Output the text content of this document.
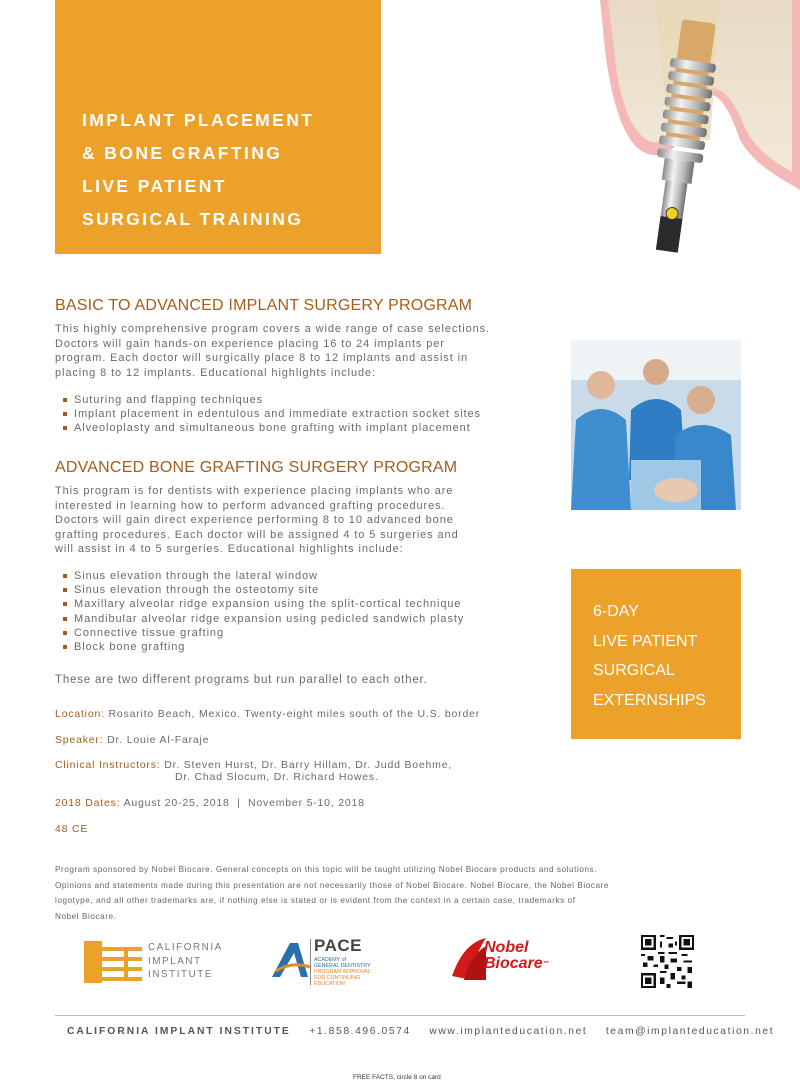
IMPLANT PLACEMENT
& BONE GRAFTING
LIVE PATIENT
SURGICAL TRAINING
BASIC TO ADVANCED IMPLANT SURGERY PROGRAM

This highly comprehensive program covers a wide range of case selections.

Doctors will gain hands-on experience placing 16 to 24 implants per

program. Each doctor will surgically place 8 to 12 implants and assist in

placing 8 to 12 implants. Educational highlights include:

Suturing and flapping techniques
Implant placement in edentulous and immediate extraction socket sites
Alveoloplasty and simultaneous bone grafting with implant placement
ADVANCED BONE GRAFTING SURGERY PROGRAM

This program is for dentists with experience placing implants who are

interested in learning how to perform advanced grafting procedures.

Doctors will gain direct experience performing 8 to 10 advanced bone

grafting procedures. Each doctor will be assigned 4 to 5 surgeries and

will assist in 4 to 5 surgeries. Educational highlights include:

Sinus elevation through the lateral window
Sinus elevation through the osteotomy site
Maxillary alveolar ridge expansion using the split-cortical technique
Mandibular alveolar ridge expansion using pedicled sandwich plasty
Connective tissue grafting
Block bone grafting
6-DAY
LIVE PATIENT
SURGICAL
EXTERNSHIPS
These are two different programs but run parallel to each other.
Location: Rosarito Beach, Mexico. Twenty-eight miles south of the U.S. border
Speaker: Dr. Louie Al-Faraje
Clinical Instructors: Dr. Steven Hurst, Dr. Barry Hillam, Dr. Judd Boehme,
Dr. Chad Slocum, Dr. Richard Howes.
2018 Dates: August 20-25, 2018  |  November 5-10, 2018
48 CE

Program sponsored by Nobel Biocare. General concepts on this topic will be taught utilizing Nobel Biocare products and solutions.

Opinions and statements made during this presentation are not necessarily those of Nobel Biocare. Nobel Biocare, the Nobel Biocare

logotype, and all other trademarks are, if nothing else is stated or is evident from the context in a certain case, trademarks of

Nobel Biocare.

CALIFORNIA
IMPLANT
INSTITUTE
PACE
ACADEMY of
GENERAL DENTISTRY
PROGRAM APPROVAL
FOR CONTINUING
EDUCATION
Nobel
Biocare™
CALIFORNIA IMPLANT INSTITUTE +1.858.496.0574 www.implanteducation.net team@implanteducation.net
FREE FACTS, circle 8 on card
